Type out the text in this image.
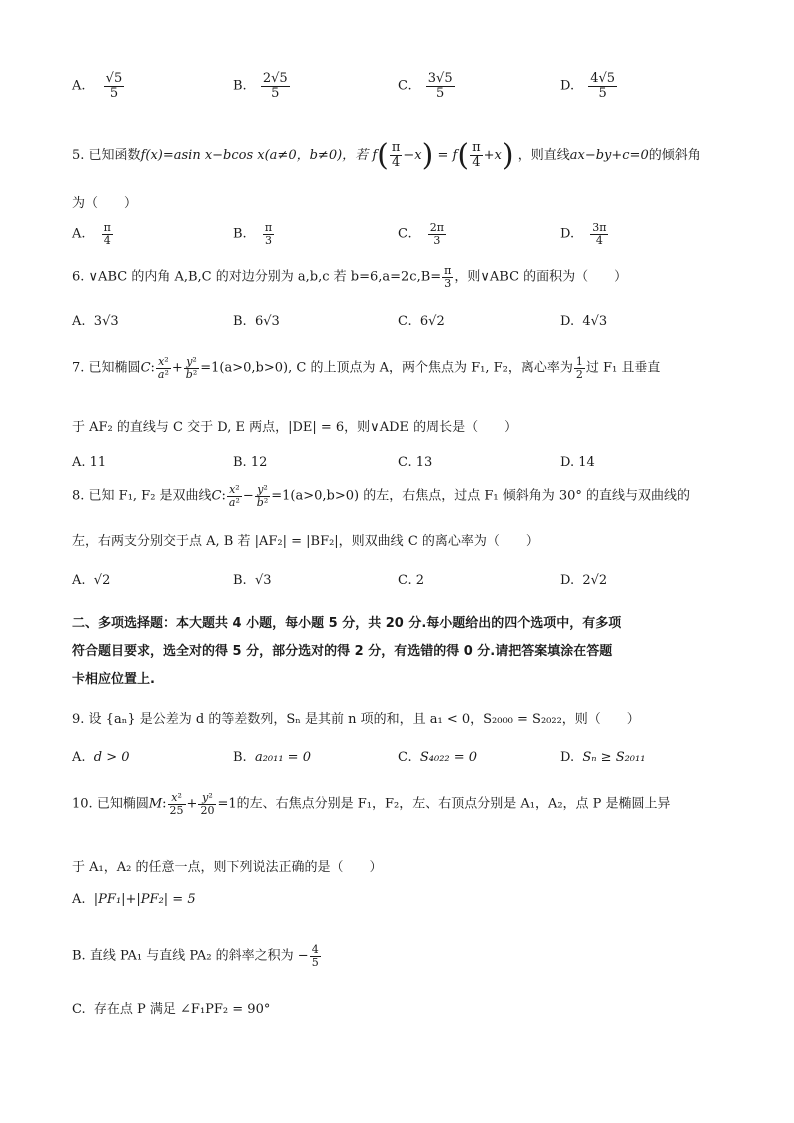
A. $\frac{√5}{5}$	B. $\frac{2√5}{5}$	C. $\frac{3√5}{5}$	D. $\frac{4√5}{5}$
5. 已知函数f(x)=asin x−bcos x(a≠0，b≠0)，若 $f( \frac{\pi}{4} -x) = f( \frac{\pi}{4} +x)$ ，则直线ax−by+c=0的倾斜角
为（　　）
A. $\frac{\pi}{4}$	B. $\frac{\pi}{3}$	C. $\frac{2\pi}{3}$	D. $\frac{3\pi}{4}$
6. ∨ABC 的内角 A,B,C 的对边分别为 a,b,c 若 $b=6,a=2c,B= \frac{\pi}{3}$ ，则∨ABC 的面积为（　　）
A. 3√3	B. 6√3	C. 6√2	D. 4√3
7. 已知椭圆C: $\frac{\text{x²}}{\text{a²}} + \frac{\text{y²}}{\text{b²}} =1(a>0,b>0)$, C 的上顶点为 A，两个焦点为 F₁, F₂，离心率为 $\frac{1}{2}$ 过 F₁ 且垂直
于 AF₂ 的直线与 C 交于 D, E 两点，|DE| = 6，则∨ADE 的周长是（　　）
A. 11	B. 12	C. 13	D. 14
8. 已知 F₁, F₂ 是双曲线C: $\frac{\text{x²}}{\text{a²}} - \frac{\text{y²}}{\text{b²}} =1(a>0,b>0)$ 的左，右焦点，过点 F₁ 倾斜角为 30° 的直线与双曲线的
左，右两支分别交于点 A, B 若 |AF₂| = |BF₂|，则双曲线 C 的离心率为（　　）
A. √2	B. √3	C. 2	D. 2√2
二、多项选择题：本大题共 4 小题，每小题 5 分，共 20 分.每小题给出的四个选项中，有多项
符合题目要求，选全对的得 5 分，部分选对的得 2 分，有选错的得 0 分.请把答案填涂在答题
卡相应位置上.
9. 设 {aₙ} 是公差为 d 的等差数列，Sₙ 是其前 n 项的和，且 a₁ < 0，S₂₀₀₀ = S₂₀₂₂，则（　　）
A. d > 0	B. a₂₀₁₁ = 0	C. S₄₀₂₂ = 0	D. Sₙ ≥ S₂₀₁₁
10. 已知椭圆M: $\frac{\text{x²}}{25} + \frac{\text{y²}}{20} =1$的左、右焦点分别是 F₁，F₂，左、右顶点分别是 A₁，A₂，点 P 是椭圆上异
于 A₁，A₂ 的任意一点，则下列说法正确的是（　　）
A. |PF₁|+|PF₂| = 5
B. 直线 PA₁ 与直线 PA₂ 的斜率之积为 − $\frac{4}{5}$
C. 存在点 P 满足 ∠F₁PF₂ = 90°
